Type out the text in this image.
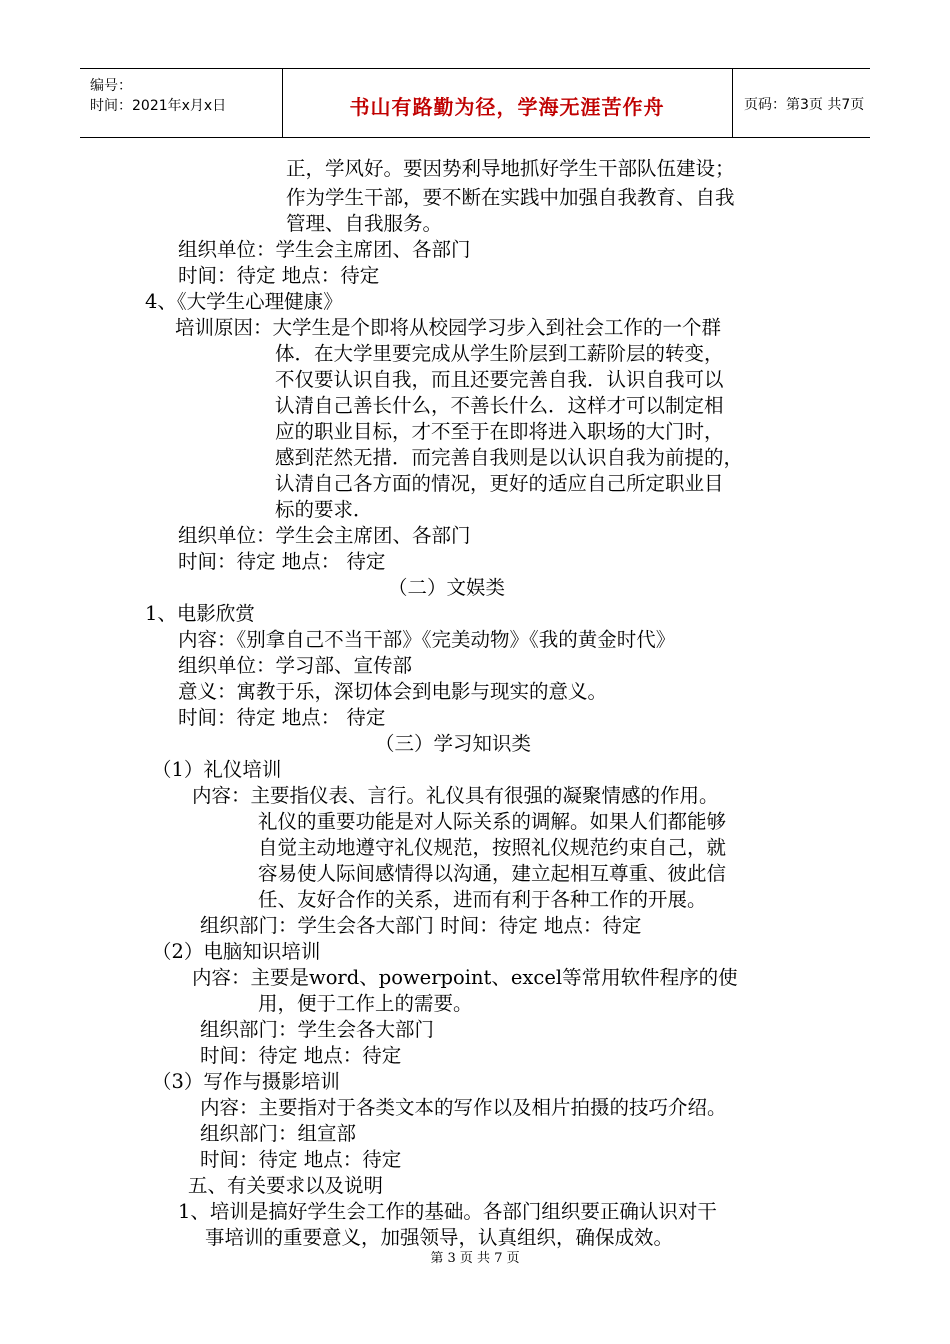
编号：
时间：2021年x月x日	书山有路勤为径，学海无涯苦作舟	页码：第3页 共7页
正，学风好。要因势利导地抓好学生干部队伍建设；
作为学生干部，要不断在实践中加强自我教育、自我
管理、自我服务。
组织单位：学生会主席团、各部门
时间：待定 地点：待定
4、《大学生心理健康》
培训原因：大学生是个即将从校园学习步入到社会工作的一个群
体．在大学里要完成从学生阶层到工薪阶层的转变，
不仅要认识自我，而且还要完善自我．认识自我可以
认清自己善长什么，不善长什么．这样才可以制定相
应的职业目标，才不至于在即将进入职场的大门时，
感到茫然无措．而完善自我则是以认识自我为前提的，
认清自己各方面的情况，更好的适应自己所定职业目
标的要求．
组织单位：学生会主席团、各部门
时间：待定 地点： 待定
（二）文娱类
1、电影欣赏
内容：《别拿自己不当干部》《完美动物》《我的黄金时代》
组织单位：学习部、宣传部
意义：寓教于乐，深切体会到电影与现实的意义。
时间：待定 地点： 待定
（三）学习知识类
（1）礼仪培训
内容：主要指仪表、言行。礼仪具有很强的凝聚情感的作用。
礼仪的重要功能是对人际关系的调解。如果人们都能够
自觉主动地遵守礼仪规范，按照礼仪规范约束自己，就
容易使人际间感情得以沟通，建立起相互尊重、彼此信
任、友好合作的关系，进而有利于各种工作的开展。
组织部门：学生会各大部门 时间：待定 地点：待定
（2）电脑知识培训
内容：主要是word、powerpoint、excel等常用软件程序的使
用，便于工作上的需要。
组织部门：学生会各大部门
时间：待定 地点：待定
（3）写作与摄影培训
内容：主要指对于各类文本的写作以及相片拍摄的技巧介绍。
组织部门：组宣部
时间：待定 地点：待定
五、有关要求以及说明
1、培训是搞好学生会工作的基础。各部门组织要正确认识对干
事培训的重要意义，加强领导，认真组织，确保成效。
第 3 页 共 7 页
